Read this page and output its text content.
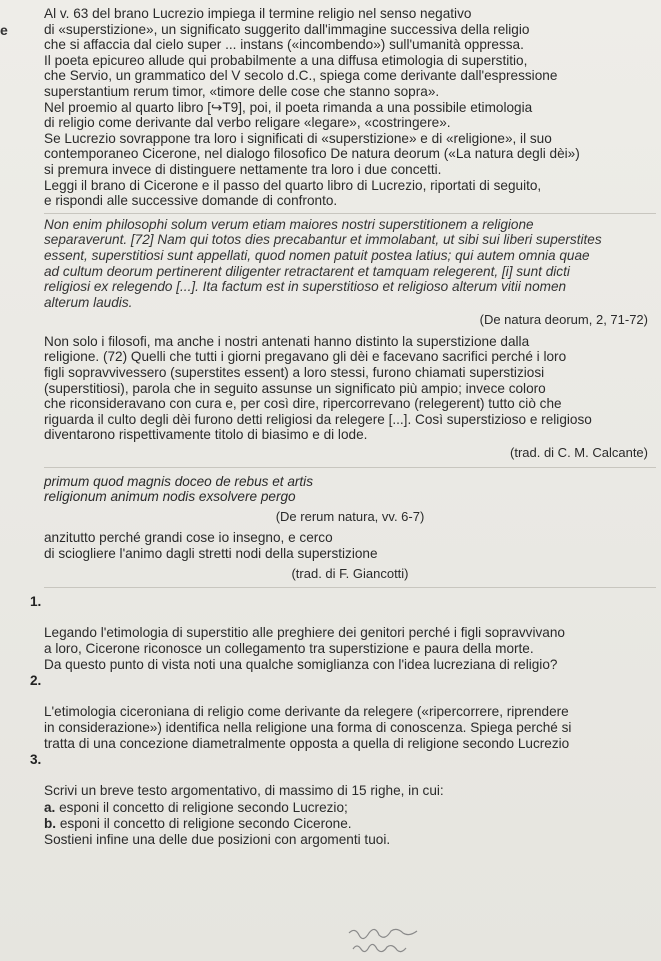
e

Al v. 63 del brano Lucrezio impiega il termine religio nel senso negativo
di «superstizione», un significato suggerito dall'immagine successiva della religio
che si affaccia dal cielo super ... instans («incombendo») sull'umanità oppressa.
Il poeta epicureo allude qui probabilmente a una diffusa etimologia di superstitio,
che Servio, un grammatico del V secolo d.C., spiega come derivante dall'espressione
superstantium rerum timor, «timore delle cose che stanno sopra».
Nel proemio al quarto libro [↪T9], poi, il poeta rimanda a una possibile etimologia
di religio come derivante dal verbo religare «legare», «costringere».
Se Lucrezio sovrappone tra loro i significati di «superstizione» e di «religione», il suo
contemporaneo Cicerone, nel dialogo filosofico De natura deorum («La natura degli dèi»)
si premura invece di distinguere nettamente tra loro i due concetti.
Leggi il brano di Cicerone e il passo del quarto libro di Lucrezio, riportati di seguito,
e rispondi alle successive domande di confronto.

Non enim philosophi solum verum etiam maiores nostri superstitionem a religione
separaverunt. [72] Nam qui totos dies precabantur et immolabant, ut sibi sui liberi superstites
essent, superstitiosi sunt appellati, quod nomen patuit postea latius; qui autem omnia quae
ad cultum deorum pertinerent diligenter retractarent et tamquam relegerent, [i] sunt dicti
religiosi ex relegendo [...]. Ita factum est in superstitioso et religioso alterum vitii nomen
alterum laudis.
(De natura deorum, 2, 71-72)
Non solo i filosofi, ma anche i nostri antenati hanno distinto la superstizione dalla
religione. (72) Quelli che tutti i giorni pregavano gli dèi e facevano sacrifici perché i loro
figli sopravvivessero (superstites essent) a loro stessi, furono chiamati superstiziosi
(superstitiosi), parola che in seguito assunse un significato più ampio; invece coloro
che riconsideravano con cura e, per così dire, ripercorrevano (relegerent) tutto ciò che
riguarda il culto degli dèi furono detti religiosi da relegere [...]. Così superstizioso e religioso
diventarono rispettivamente titolo di biasimo e di lode.
(trad. di C. M. Calcante)
primum quod magnis doceo de rebus et artis
religionum animum nodis exsolvere pergo
(De rerum natura, vv. 6-7)
anzitutto perché grandi cose io insegno, e cerco
di sciogliere l'animo dagli stretti nodi della superstizione
(trad. di F. Giancotti)

1.

Legando l'etimologia di superstitio alle preghiere dei genitori perché i figli sopravvivano
a loro, Cicerone riconosce un collegamento tra superstizione e paura della morte.
Da questo punto di vista noti una qualche somiglianza con l'idea lucreziana di religio?

2.

L'etimologia ciceroniana di religio come derivante da relegere («ripercorrere, riprendere
in considerazione») identifica nella religione una forma di conoscenza. Spiega perché si
tratta di una concezione diametralmente opposta a quella di religione secondo Lucrezio

3.

Scrivi un breve testo argomentativo, di massimo di 15 righe, in cui:

a. esponi il concetto di religione secondo Lucrezio;
b. esponi il concetto di religione secondo Cicerone.
Sostieni infine una delle due posizioni con argomenti tuoi.
